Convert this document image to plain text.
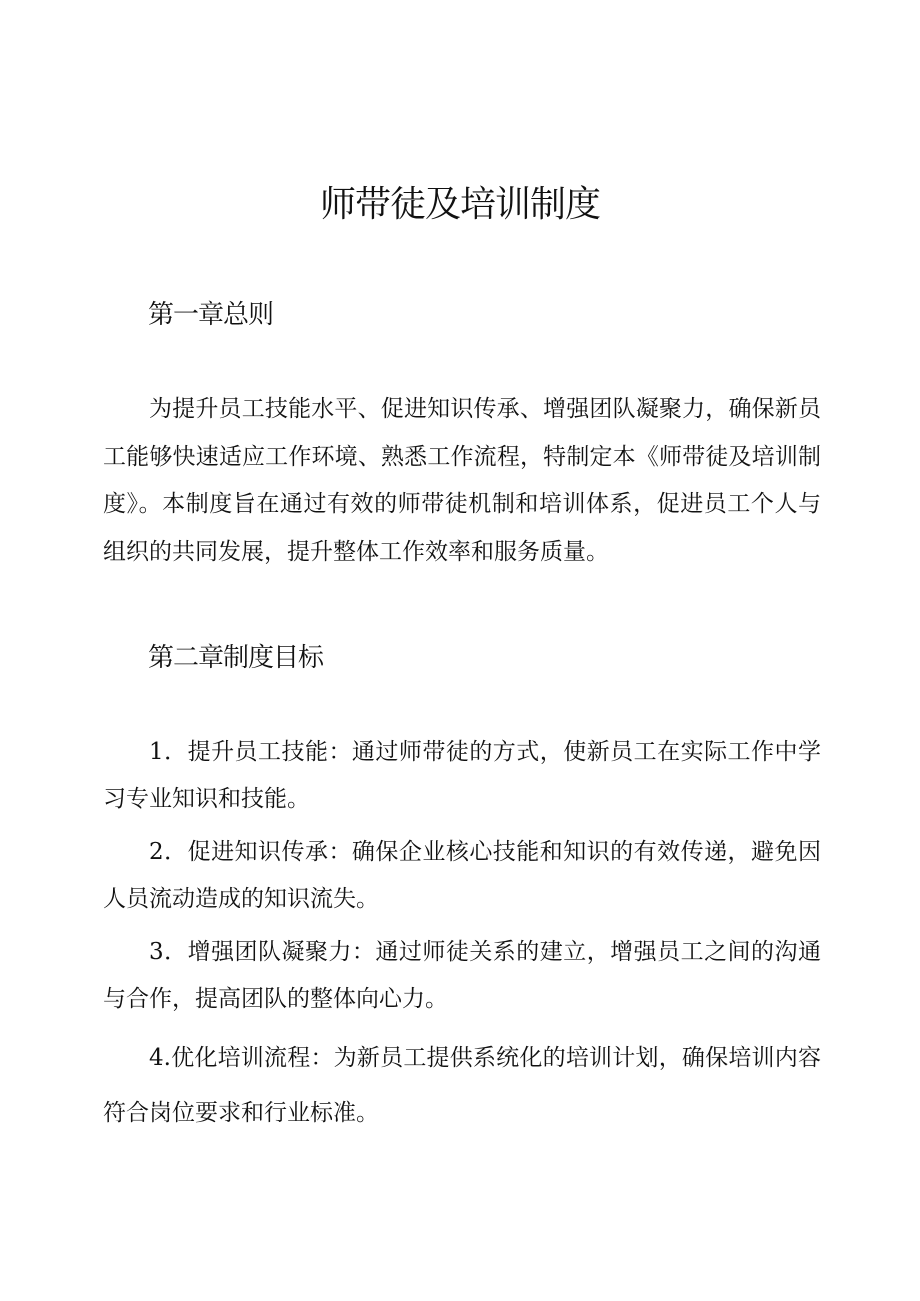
师带徒及培训制度
第一章总则

为提升员工技能水平、促进知识传承、增强团队凝聚力，确保新员工能够快速适应工作环境、熟悉工作流程，特制定本《师带徒及培训制度》。本制度旨在通过有效的师带徒机制和培训体系，促进员工个人与组织的共同发展，提升整体工作效率和服务质量。

第二章制度目标

1．提升员工技能：通过师带徒的方式，使新员工在实际工作中学习专业知识和技能。

2．促进知识传承：确保企业核心技能和知识的有效传递，避免因人员流动造成的知识流失。

3．增强团队凝聚力：通过师徒关系的建立，增强员工之间的沟通与合作，提高团队的整体向心力。

4.优化培训流程：为新员工提供系统化的培训计划，确保培训内容符合岗位要求和行业标准。
